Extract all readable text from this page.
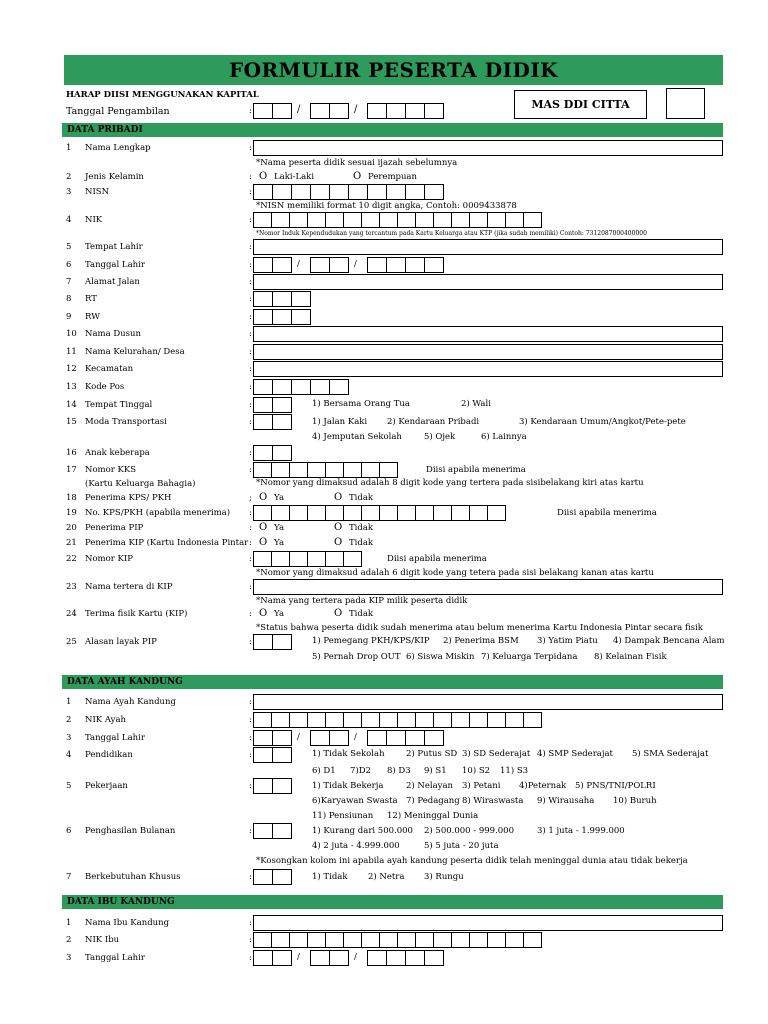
FORMULIR PESERTA DIDIK
HARAP DIISI MENGGUNAKAN KAPITAL
Tanggal Pengambilan	:	/	/	MAS DDI CITTA
DATA PRIBADI
1 Nama Lengkap	:
*Nama peserta didik sesuai ijazah sebelumnya
2 Jenis Kelamin	: O Laki-Laki	O Perempuan
3 NISN	:
*NISN memiliki format 10 digit angka, Contoh: 0009433878
4 NIK	:
*Nomor Induk Kependudukan yang tercantum pada Kartu Keluarga atau KTP (jika sudah memiliki) Contoh: 7312087000400000
5 Tempat Lahir	:
6 Tanggal Lahir	:	/	/
7 Alamat Jalan	:
8 RT	:
9 RW	:
10 Nama Dusun	:
11 Nama Kelurahan/ Desa	:
12 Kecamatan	:
13 Kode Pos	:
14 Tempat Tinggal	:	1) Bersama Orang Tua	2) Wali
15 Moda Transportasi	:	1) Jalan Kaki 2) Kendaraan Pribadi	3) Kendaraan Umum/Angkot/Pete-pete
4) Jemputan Sekolah	5) Ojek	6) Lainnya
16 Anak keberapa	:
17 Nomor KKS	:	Diisi apabila menerima
(Kartu Keluarga Bahagia)	*Nomor yang dimaksud adalah 8 digit kode yang tertera pada sisibelakang kiri atas kartu
18 Penerima KPS/ PKH	; O Ya	O Tidak
19 No. KPS/PKH (apabila menerima) :	Diisi apabila menerima
20 Penerima PIP	: O Ya	O Tidak
21 Penerima KIP (Kartu Indonesia Pintar : O Ya	O Tidak
22 Nomor KIP	:	Diisi apabila menerima
*Nomor yang dimaksud adalah 6 digit kode yang tetera pada sisi belakang kanan atas kartu
23 Nama tertera di KIP	:
*Nama yang tertera pada KIP milik peserta didik
24 Terima fisik Kartu (KIP)	: O Ya	O Tidak
*Status bahwa peserta didik sudah menerima atau belum menerima Kartu Indonesia Pintar secara fisik
25 Alasan layak PIP	:	1) Pemegang PKH/KPS/KIP 2) Penerima BSM 3) Yatim Piatu 4) Dampak Bencana Alam
5) Pernah Drop OUT 6) Siswa Miskin 7) Keluarga Terpidana 8) Kelainan Fisik
DATA AYAH KANDUNG
1 Nama Ayah Kandung	:
2 NIK Ayah	:
3 Tanggal Lahir	:	/	/
4 Pendidikan	:	1) Tidak Sekolah	2) Putus SD 3) SD Sederajat 4) SMP Sederajat 5) SMA Sederajat
6) D1 7)D2 8) D3 9) S1 10) S2 11) S3
5 Pekerjaan	:	1) Tidak Bekerja	2) Nelayan 3) Petani 4)Peternak 5) PNS/TNI/POLRI
6)Karyawan Swasta 7) Pedagang 8) Wiraswasta 9) Wirausaha 10) Buruh
11) Pensiunan 12) Meninggal Dunia
6 Penghasilan Bulanan	:	1) Kurang dari 500.000 2) 500.000 - 999.000	3) 1 juta - 1.999.000
4) 2 juta - 4.999.000	5) 5 juta - 20 juta
*Kosongkan kolom ini apabila ayah kandung peserta didik telah meninggal dunia atau tidak bekerja
7 Berkebutuhan Khusus	:	1) Tidak 2) Netra 3) Rungu
DATA IBU KANDUNG
1 Nama Ibu Kandung	:
2 NIK Ibu	:
3 Tanggal Lahir	:	/	/
